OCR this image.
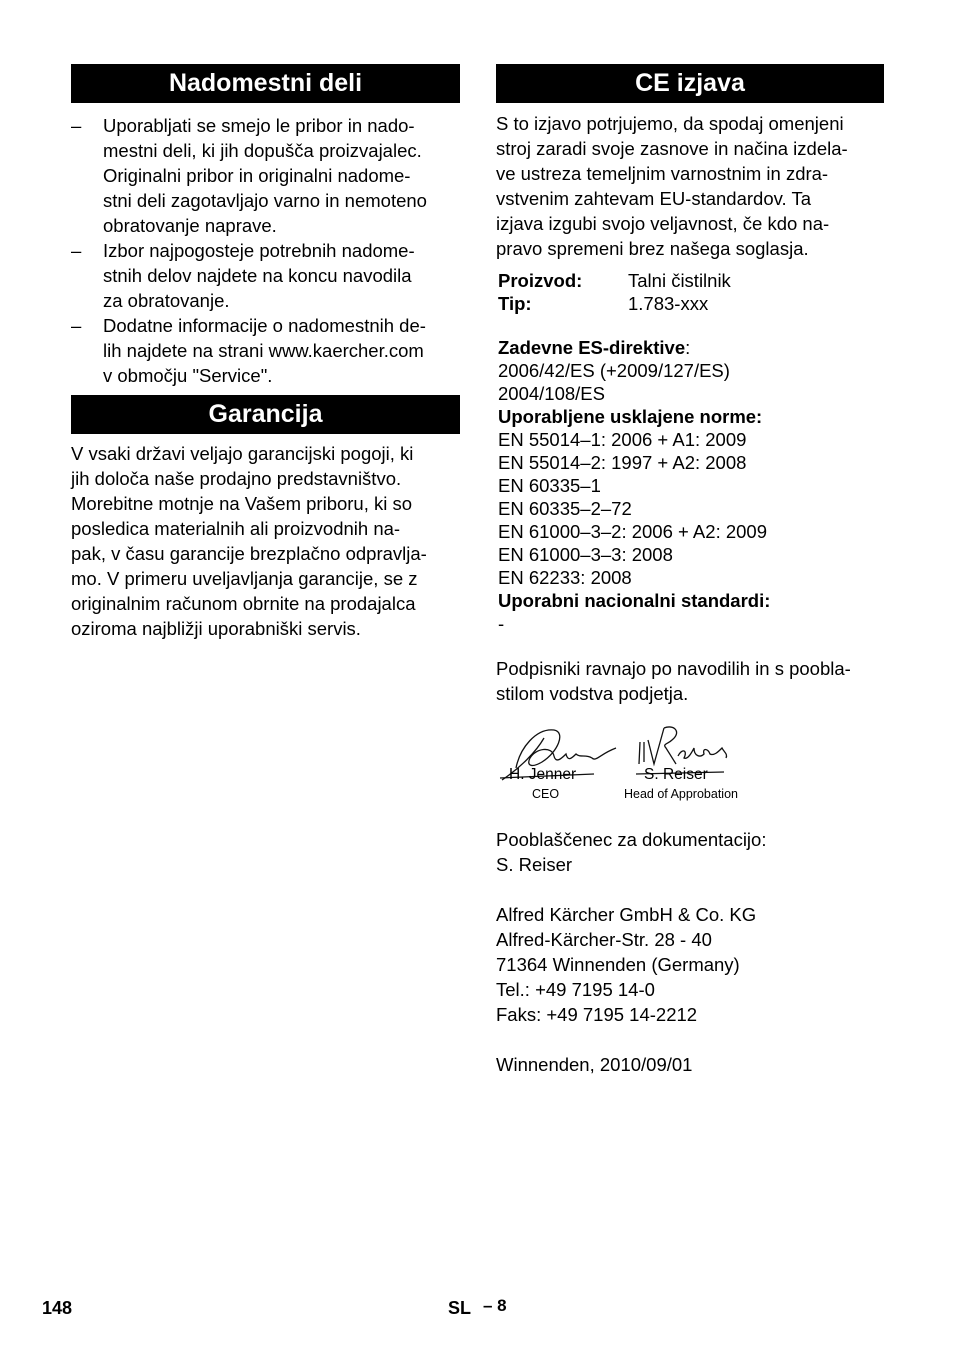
Nadomestni deli
– Uporabljati se smejo le pribor in nado-
mestni deli, ki jih dopušča proizvajalec.
Originalni pribor in originalni nadome-
stni deli zagotavljajo varno in nemoteno
obratovanje naprave.
– Izbor najpogosteje potrebnih nadome-
stnih delov najdete na koncu navodila
za obratovanje.
– Dodatne informacije o nadomestnih de-
lih najdete na strani www.kaercher.com
v območju "Service".
Garancija
V vsaki državi veljajo garancijski pogoji, ki
jih določa naše prodajno predstavništvo.
Morebitne motnje na Vašem priboru, ki so
posledica materialnih ali proizvodnih na-
pak, v času garancije brezplačno odpravlja-
mo. V primeru uveljavljanja garancije, se z
originalnim računom obrnite na prodajalca
oziroma najbližji uporabniški servis.
CE izjava
S to izjavo potrjujemo, da spodaj omenjeni
stroj zaradi svoje zasnove in načina izdela-
ve ustreza temeljnim varnostnim in zdra-
vstvenim zahtevam EU-standardov. Ta
izjava izgubi svojo veljavnost, če kdo na-
pravo spremeni brez našega soglasja.
Proizvod:	Talni čistilnik
Tip:	1.783-xxx

Zadevne ES-direktive:

2006/42/ES (+2009/127/ES)

2004/108/ES

Uporabljene usklajene norme:

EN 55014–1: 2006 + A1: 2009

EN 55014–2: 1997 + A2: 2008

EN 60335–1

EN 60335–2–72

EN 61000–3–2: 2006 + A2: 2009

EN 61000–3–3: 2008

EN 62233: 2008

Uporabni nacionalni standardi:

-

Podpisniki ravnajo po navodilih in s poobla-
stilom vodstva podjetja.
H. Jenner
CEO
S. Reiser
Head of Approbation
Pooblaščenec za dokumentacijo:
S. Reiser
Alfred Kärcher GmbH & Co. KG
Alfred-Kärcher-Str. 28 - 40
71364 Winnenden (Germany)
Tel.: +49 7195 14-0
Faks: +49 7195 14-2212
Winnenden, 2010/09/01
148	SL – 8
